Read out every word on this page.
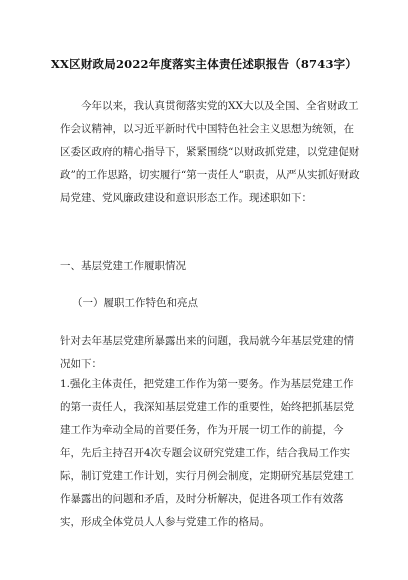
XX区财政局2022年度落实主体责任述职报告（8743字）
今年以来，我认真贯彻落实党的XX大以及全国、全省财政工作会议精神，以习近平新时代中国特色社会主义思想为统领，在区委区政府的精心指导下，紧紧围绕“以财政抓党建，以党建促财政”的工作思路，切实履行“第一责任人”职责，从严从实抓好财政局党建、党风廉政建设和意识形态工作。现述职如下：
一、基层党建工作履职情况
（一）履职工作特色和亮点
针对去年基层党建所暴露出来的问题，我局就今年基层党建的情况如下：
1.强化主体责任，把党建工作作为第一要务。作为基层党建工作的第一责任人，我深知基层党建工作的重要性，始终把抓基层党建工作为牵动全局的首要任务，作为开展一切工作的前提，今年，先后主持召开4次专题会议研究党建工作，结合我局工作实际，制订党建工作计划，实行月例会制度，定期研究基层党建工作暴露出的问题和矛盾，及时分析解决，促进各项工作有效落实，形成全体党员人人参与党建工作的格局。
